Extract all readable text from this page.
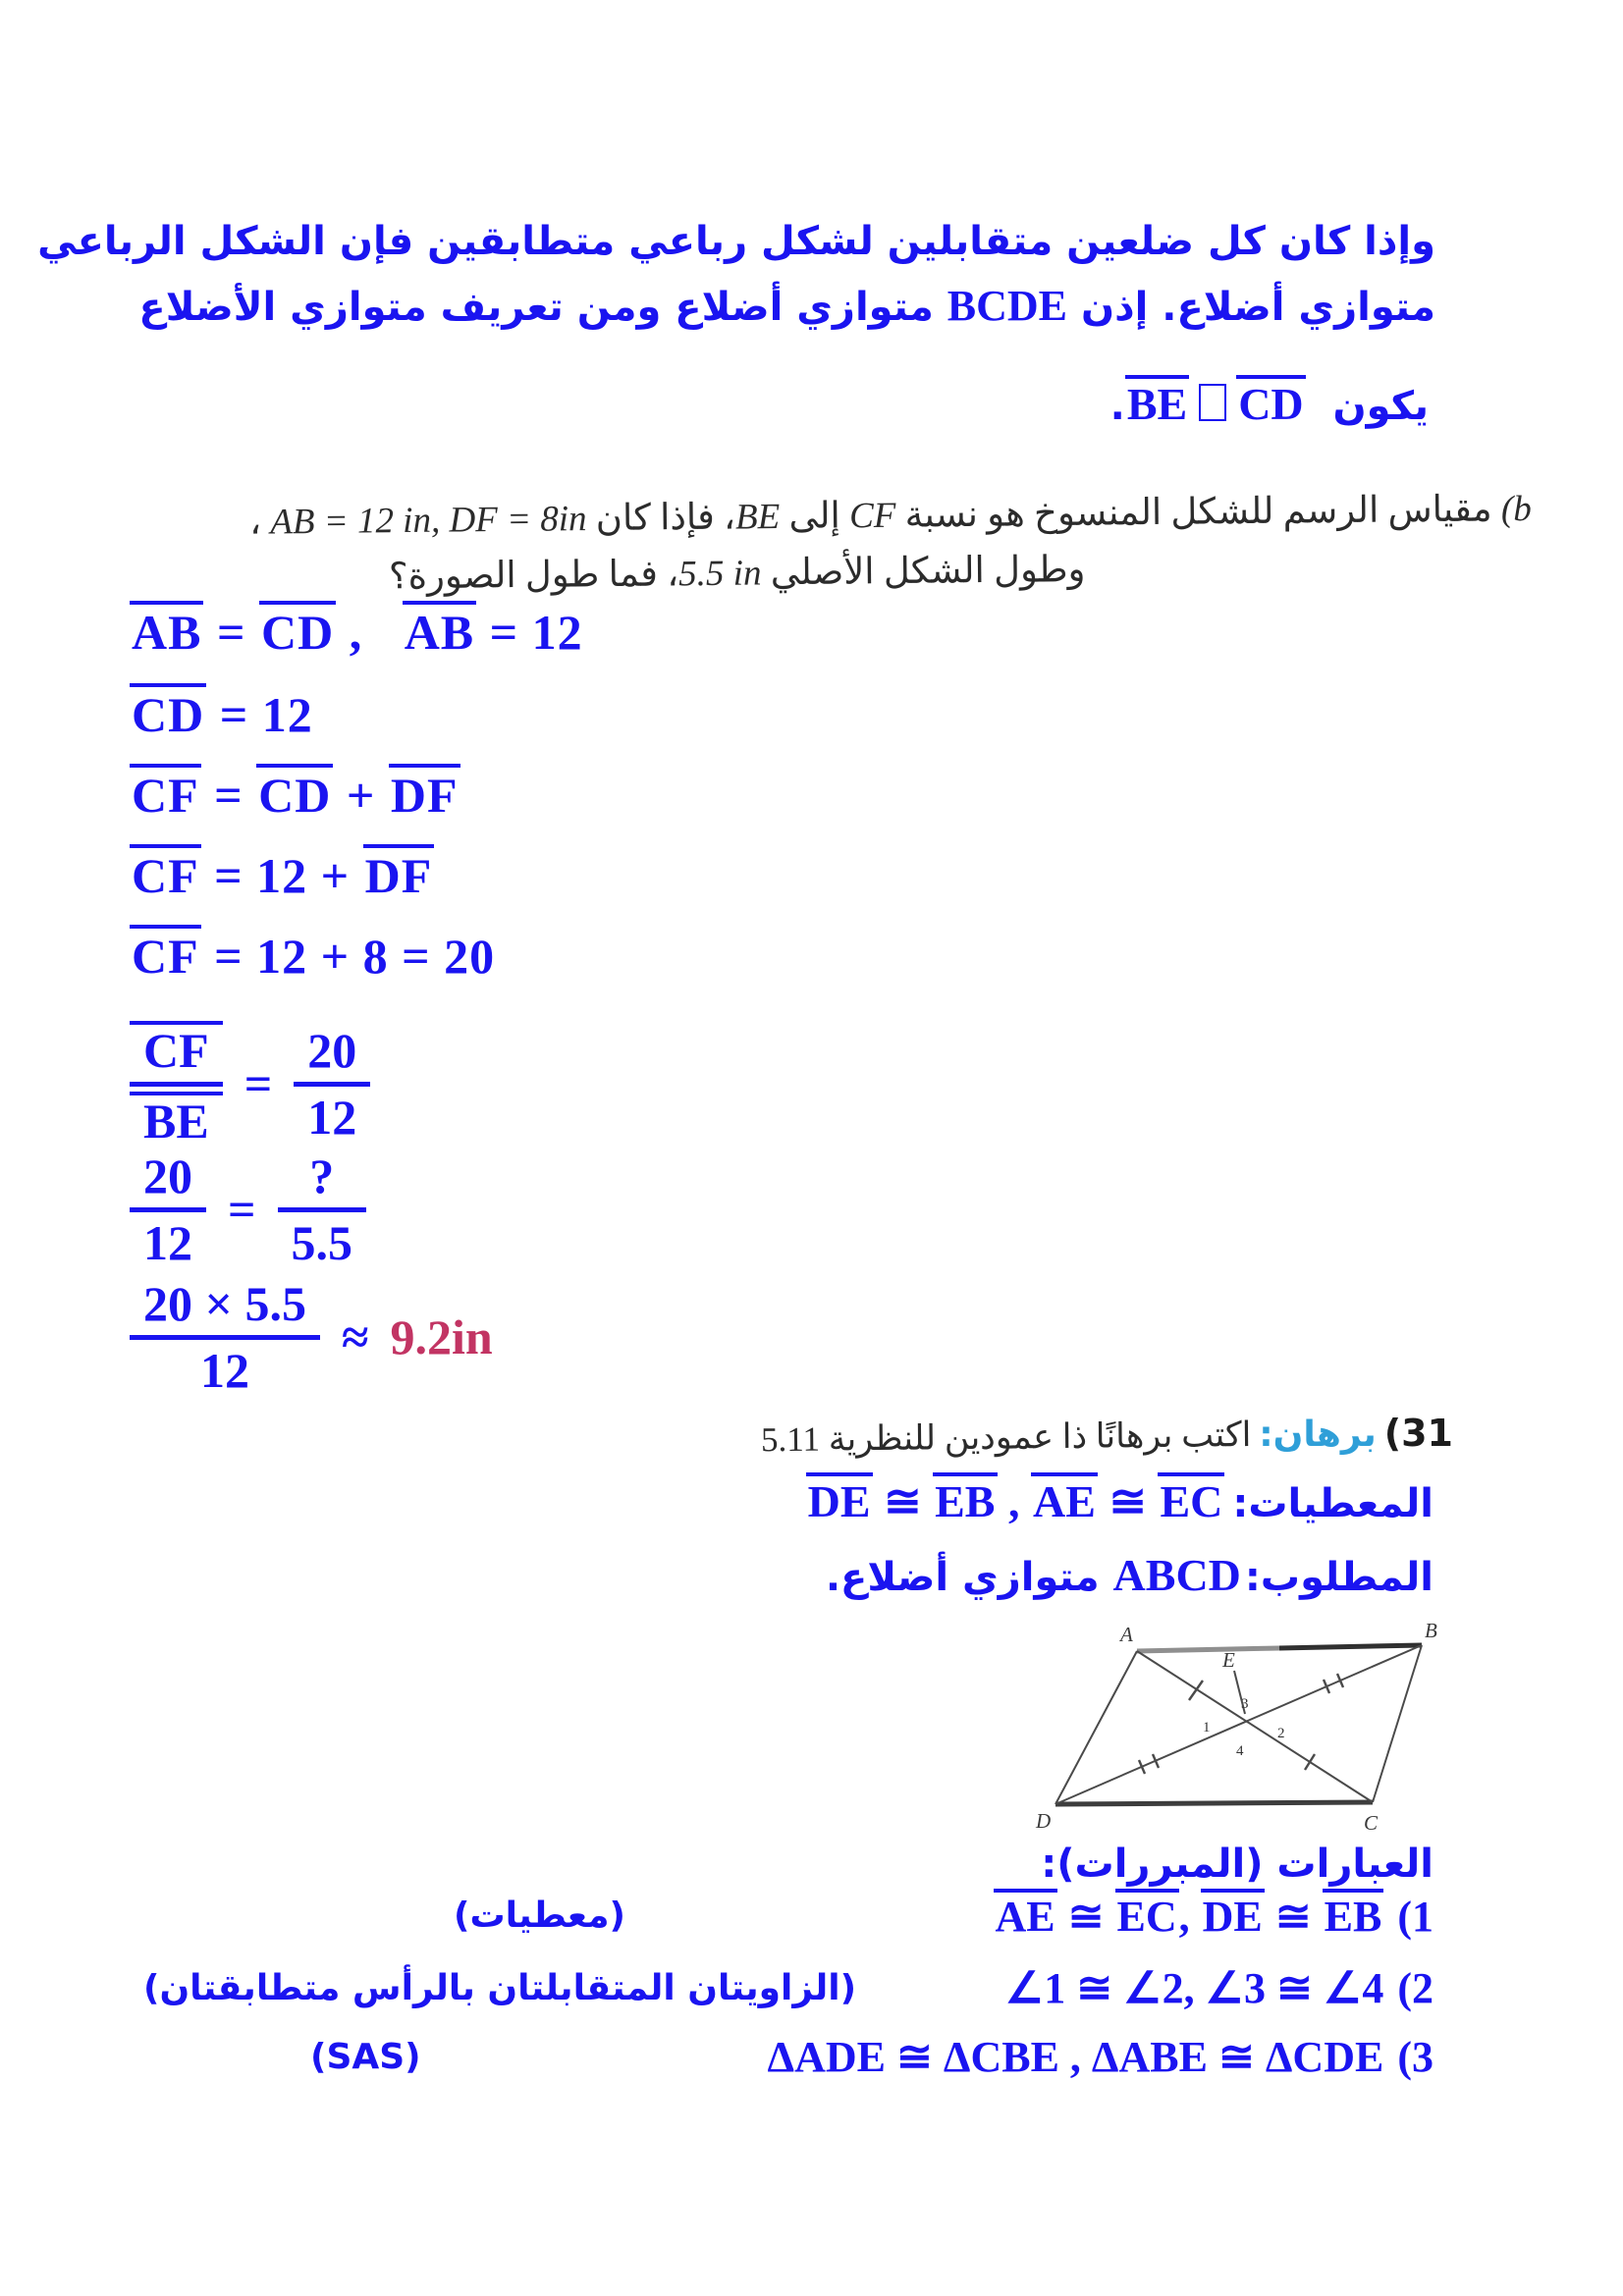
وإذا كان كل ضلعين متقابلين لشكل رباعي متطابقين فإن الشكل الرباعي
متوازي أضلاع. إذن BCDE متوازي أضلاع ومن تعريف متوازي الأضلاع
يكون  BE CD.
(b مقياس الرسم للشكل المنسوخ هو نسبة CF إلى BE، فإذا كان AB = 12 in, DF = 8in ،
وطول الشكل الأصلي 5.5 in، فما طول الصورة؟
AB = CD ,   AB = 12
CD = 12
CF = CD + DF
CF = 12 + DF
CF = 12 + 8 = 20
$\frac{CF}{BE}$ =
20
12
20
12
=
?
5.5
20 × 5.5
12
≈ 9.2in
(31  برهان:  اكتب برهانًا ذا عمودين للنظرية 5.11
المعطيات:  DE ≅ EB , AE ≅ EC
المطلوب: ABCD متوازي أضلاع.
A	B
C
D
E
1	2
3
4
العبارات (المبررات):
(1AE ≅ EC, DE ≅ EB
(معطيات)
(2∠1 ≅ ∠2, ∠3 ≅ ∠4
(الزاويتان المتقابلتان بالرأس متطابقتان)
(3ΔADE ≅ ΔCBE , ΔABE ≅ ΔCDE
(SAS)
